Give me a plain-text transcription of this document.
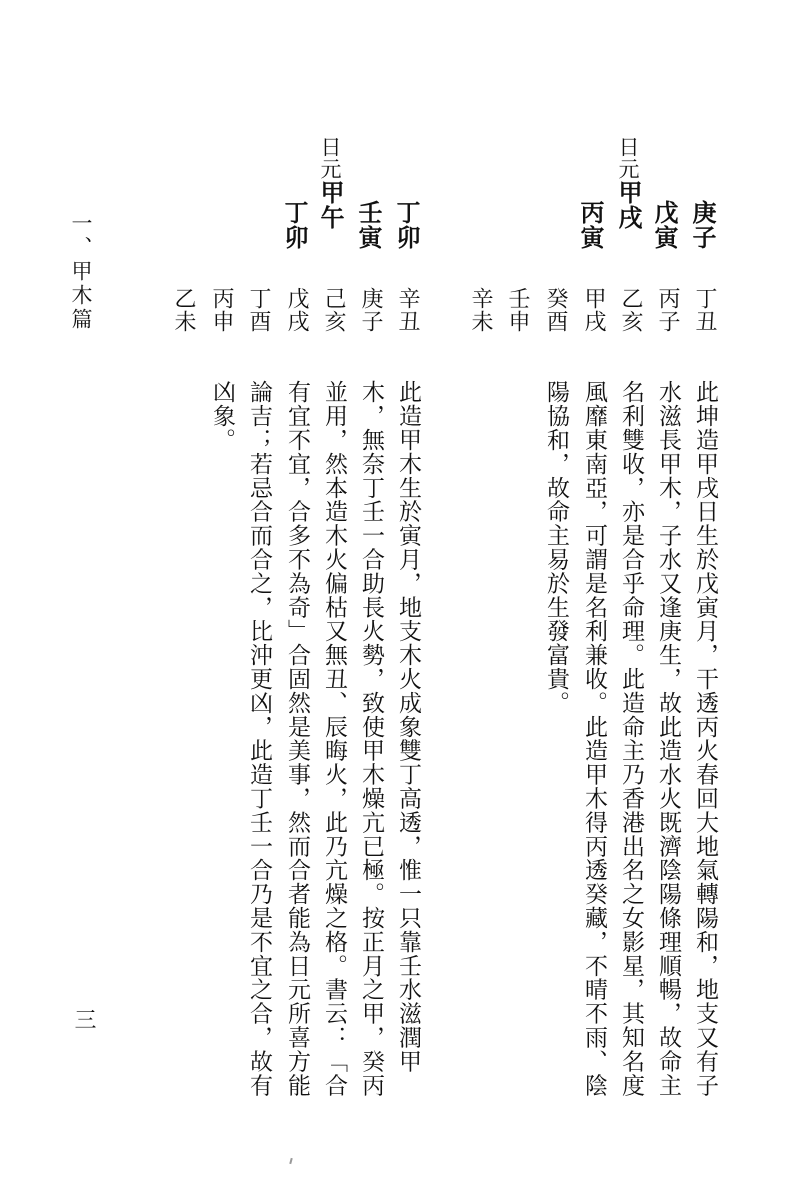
庚子
戊寅
日元甲戌
丙寅
丁丑
丙子
乙亥
甲戌
癸酉
壬申
辛未
此坤造甲戌日生於戊寅月，干透丙火春回大地氣轉陽和，地支又有子
水滋長甲木，子水又逢庚生，故此造水火既濟陰陽條理順暢，故命主
名利雙收，亦是合乎命理。此造命主乃香港出名之女影星，其知名度
風靡東南亞，可謂是名利兼收。此造甲木得丙透癸藏，不晴不雨、陰
陽協和，故命主易於生發富貴。
丁卯
壬寅
日元甲午
丁卯
辛丑
庚子
己亥
戊戌
丁酉
丙申
乙未
此造甲木生於寅月，地支木火成象雙丁高透，惟一只靠壬水滋潤甲
木，無奈丁壬一合助長火勢，致使甲木燥亢已極。按正月之甲，癸丙
並用，然本造木火偏枯又無丑、辰晦火，此乃亢燥之格。書云：「合
有宜不宜，合多不為奇」合固然是美事，然而合者能為日元所喜方能
論吉；若忌合而合之，比沖更凶，此造丁壬一合乃是不宜之合，故有
凶象。
一、甲木篇
三
